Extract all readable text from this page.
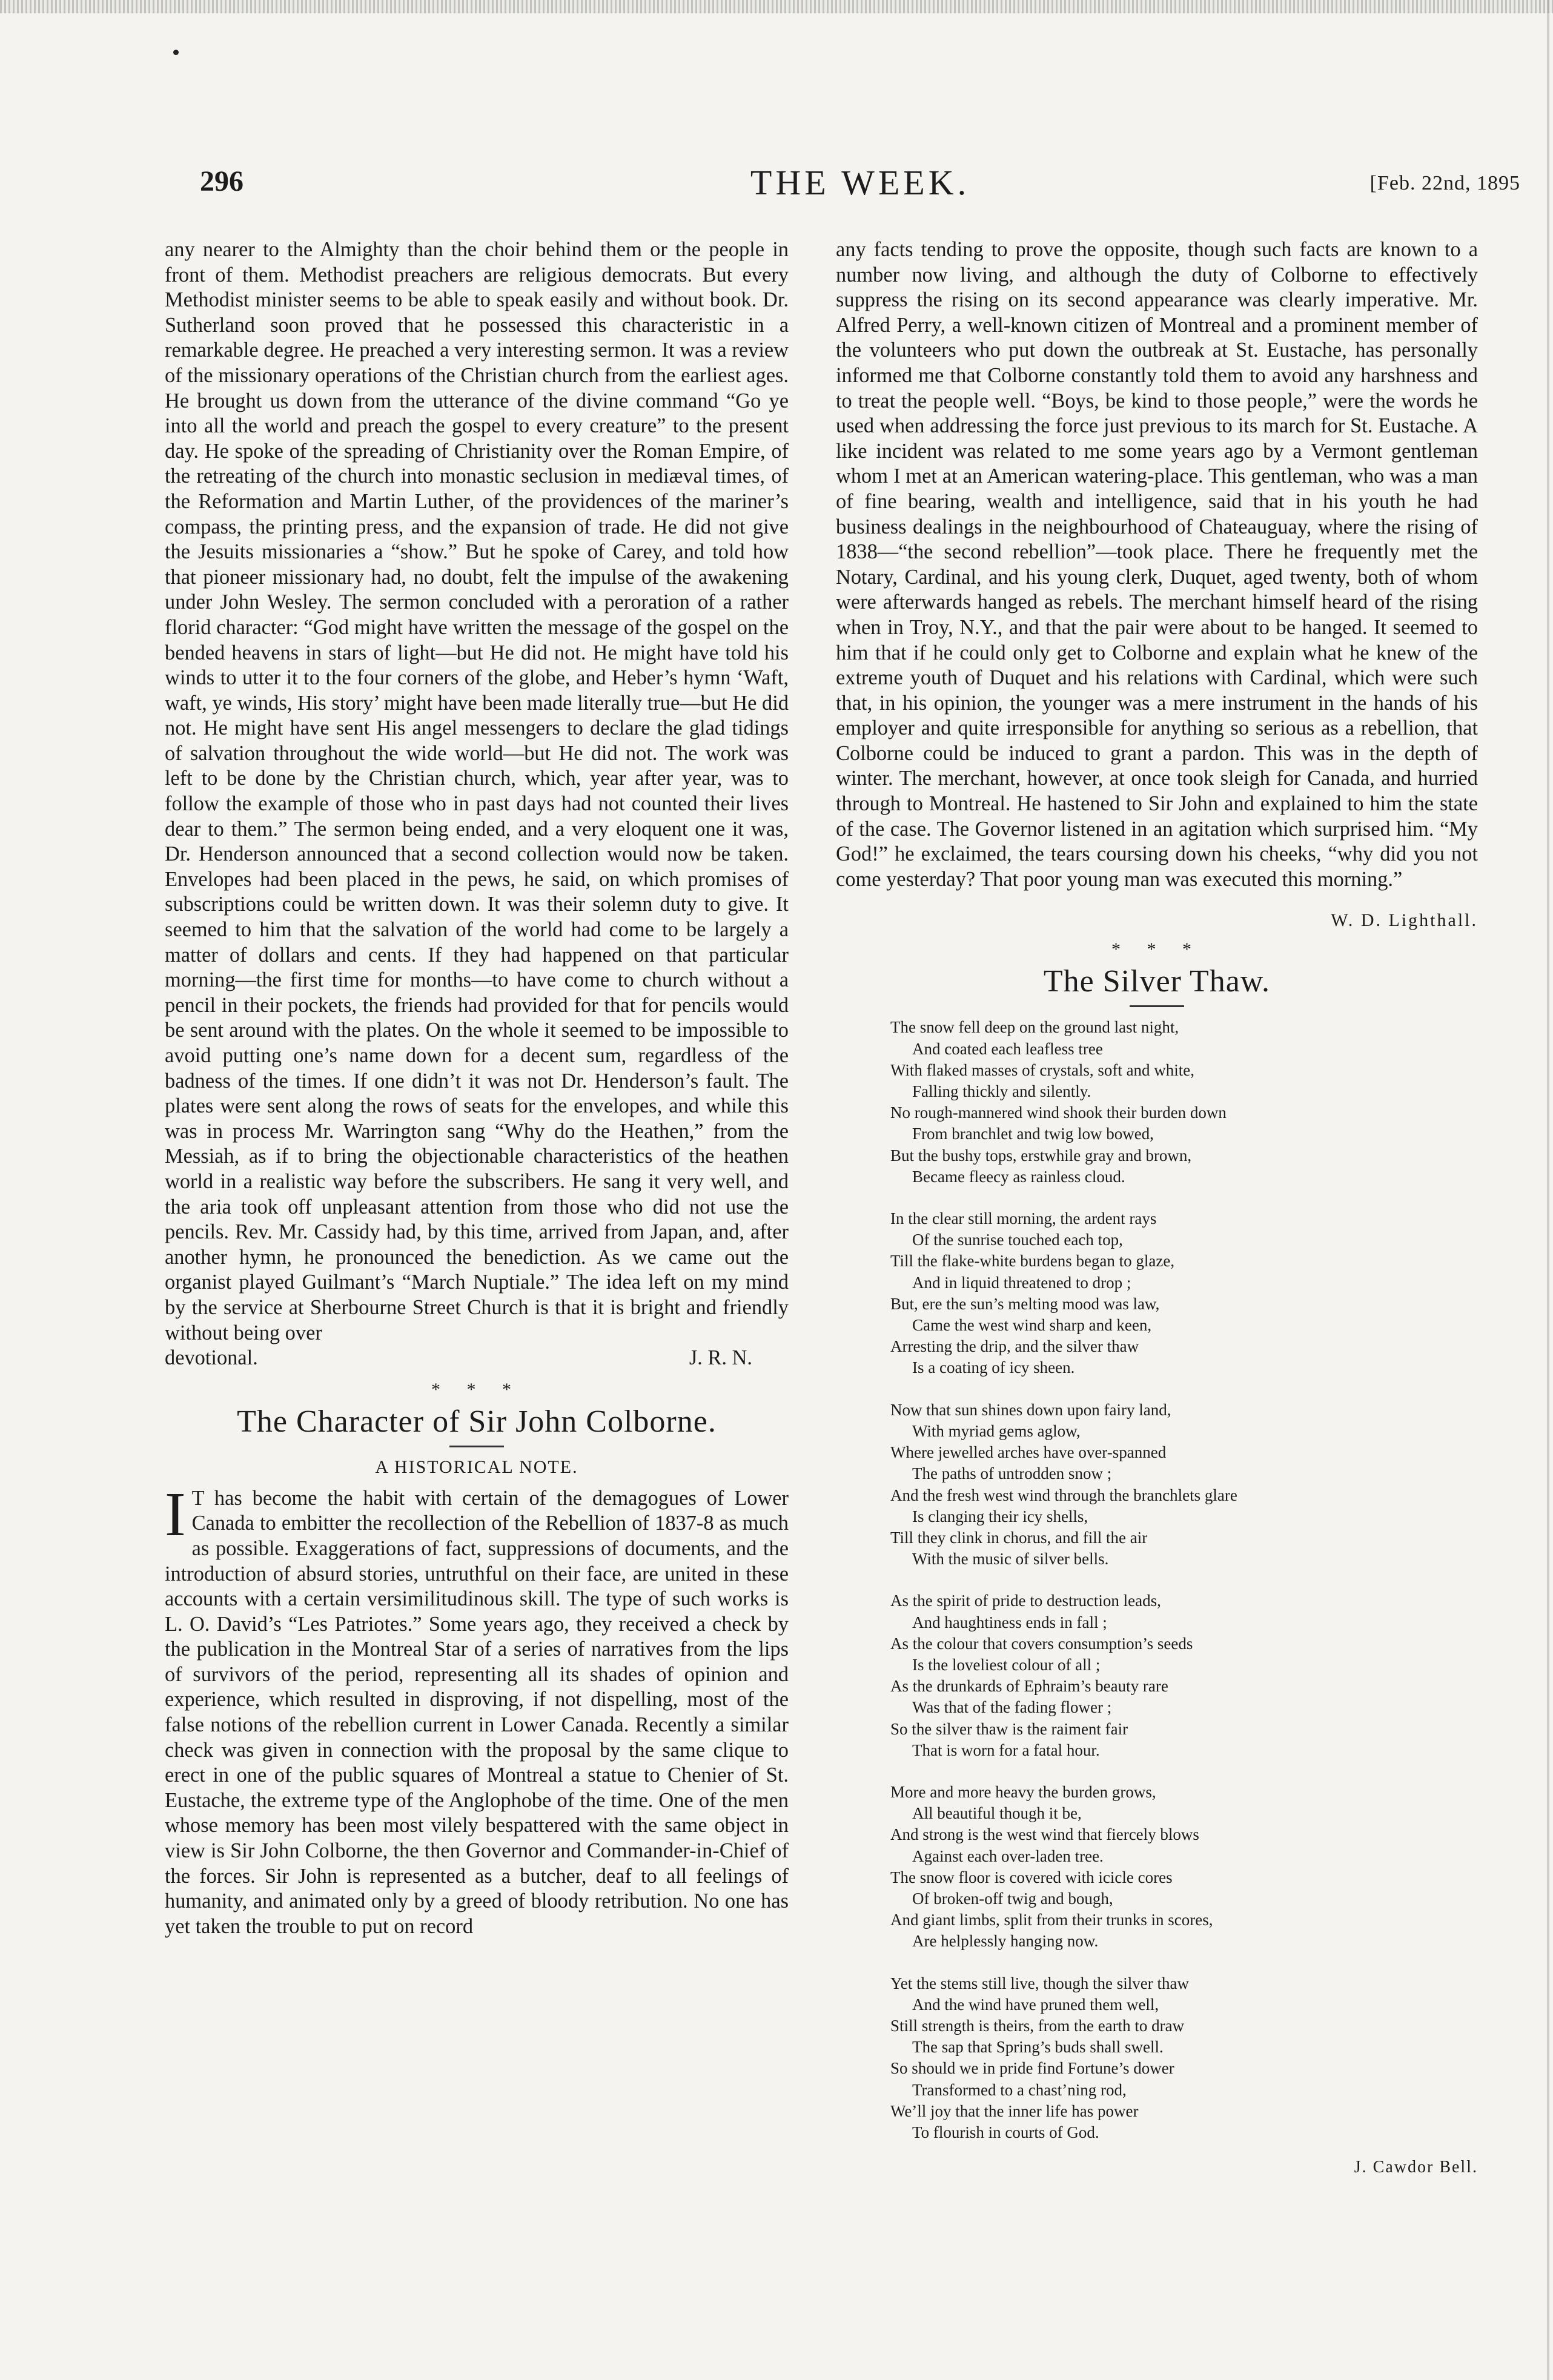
296	THE WEEK.	[Feb. 22nd, 1895

any nearer to the Almighty than the choir behind them or the people in front of them. Methodist preachers are religious democrats. But every Methodist minister seems to be able to speak easily and without book. Dr. Sutherland soon proved that he possessed this characteristic in a remarkable degree. He preached a very interesting sermon. It was a review of the missionary operations of the Christian church from the earliest ages. He brought us down from the utterance of the divine command “Go ye into all the world and preach the gospel to every creature” to the present day. He spoke of the spreading of Christianity over the Roman Empire, of the retreating of the church into monastic seclusion in mediæval times, of the Reformation and Martin Luther, of the providences of the mariner’s compass, the printing press, and the expansion of trade. He did not give the Jesuits missionaries a “show.” But he spoke of Carey, and told how that pioneer missionary had, no doubt, felt the impulse of the awakening under John Wesley. The sermon concluded with a peroration of a rather florid character: “God might have written the message of the gospel on the bended heavens in stars of light—but He did not. He might have told his winds to utter it to the four corners of the globe, and Heber’s hymn ‘Waft, waft, ye winds, His story’ might have been made literally true—but He did not. He might have sent His angel messengers to declare the glad tidings of salvation throughout the wide world—but He did not. The work was left to be done by the Christian church, which, year after year, was to follow the example of those who in past days had not counted their lives dear to them.” The sermon being ended, and a very eloquent one it was, Dr. Henderson announced that a second collection would now be taken. Envelopes had been placed in the pews, he said, on which promises of subscriptions could be written down. It was their solemn duty to give. It seemed to him that the salvation of the world had come to be largely a matter of dollars and cents. If they had happened on that particular morning—the first time for months—to have come to church without a pencil in their pockets, the friends had provided for that for pencils would be sent around with the plates. On the whole it seemed to be impossible to avoid putting one’s name down for a decent sum, regardless of the badness of the times. If one didn’t it was not Dr. Henderson’s fault. The plates were sent along the rows of seats for the envelopes, and while this was in process Mr. Warrington sang “Why do the Heathen,” from the Messiah, as if to bring the objectionable characteristics of the heathen world in a realistic way before the subscribers. He sang it very well, and the aria took off unpleasant attention from those who did not use the pencils. Rev. Mr. Cassidy had, by this time, arrived from Japan, and, after another hymn, he pronounced the benediction. As we came out the organist played Guilmant’s “March Nuptiale.” The idea left on my mind by the service at Sherbourne Street Church is that it is bright and friendly without being over

devotional.	J. R. N.
* * *
The Character of Sir John Colborne.
A HISTORICAL NOTE.

I T has become the habit with certain of the demagogues of Lower Canada to embitter the recollection of the Rebellion of 1837-8 as much as possible. Exaggerations of fact, suppressions of documents, and the introduction of absurd stories, untruthful on their face, are united in these accounts with a certain versimilitudinous skill. The type of such works is L. O. David’s “Les Patriotes.” Some years ago, they received a check by the publication in the Montreal Star of a series of narratives from the lips of survivors of the period, representing all its shades of opinion and experience, which resulted in disproving, if not dispelling, most of the false notions of the rebellion current in Lower Canada. Recently a similar check was given in connection with the proposal by the same clique to erect in one of the public squares of Montreal a statue to Chenier of St. Eustache, the extreme type of the Anglophobe of the time. One of the men whose memory has been most vilely bespattered with the same object in view is Sir John Colborne, the then Governor and Commander-in-Chief of the forces. Sir John is represented as a butcher, deaf to all feelings of humanity, and animated only by a greed of bloody retribution. No one has yet taken the trouble to put on record

any facts tending to prove the opposite, though such facts are known to a number now living, and although the duty of Colborne to effectively suppress the rising on its second appearance was clearly imperative. Mr. Alfred Perry, a well-known citizen of Montreal and a prominent member of the volunteers who put down the outbreak at St. Eustache, has personally informed me that Colborne constantly told them to avoid any harshness and to treat the people well. “Boys, be kind to those people,” were the words he used when addressing the force just previous to its march for St. Eustache. A like incident was related to me some years ago by a Vermont gentleman whom I met at an American watering-place. This gentleman, who was a man of fine bearing, wealth and intelligence, said that in his youth he had business dealings in the neighbourhood of Chateauguay, where the rising of 1838—“the second rebellion”—took place. There he frequently met the Notary, Cardinal, and his young clerk, Duquet, aged twenty, both of whom were afterwards hanged as rebels. The merchant himself heard of the rising when in Troy, N.Y., and that the pair were about to be hanged. It seemed to him that if he could only get to Colborne and explain what he knew of the extreme youth of Duquet and his relations with Cardinal, which were such that, in his opinion, the younger was a mere instrument in the hands of his employer and quite irresponsible for anything so serious as a rebellion, that Colborne could be induced to grant a pardon. This was in the depth of winter. The merchant, however, at once took sleigh for Canada, and hurried through to Montreal. He hastened to Sir John and explained to him the state of the case. The Governor listened in an agitation which surprised him. “My God!” he exclaimed, the tears coursing down his cheeks, “why did you not come yesterday? That poor young man was executed this morning.”

W. D. Lighthall.
* * *
The Silver Thaw.
The snow fell deep on the ground last night,
And coated each leafless tree
With flaked masses of crystals, soft and white,
Falling thickly and silently.
No rough-mannered wind shook their burden down
From branchlet and twig low bowed,
But the bushy tops, erstwhile gray and brown,
Became fleecy as rainless cloud.
In the clear still morning, the ardent rays
Of the sunrise touched each top,
Till the flake-white burdens began to glaze,
And in liquid threatened to drop ;
But, ere the sun’s melting mood was law,
Came the west wind sharp and keen,
Arresting the drip, and the silver thaw
Is a coating of icy sheen.
Now that sun shines down upon fairy land,
With myriad gems aglow,
Where jewelled arches have over-spanned
The paths of untrodden snow ;
And the fresh west wind through the branchlets glare
Is clanging their icy shells,
Till they clink in chorus, and fill the air
With the music of silver bells.
As the spirit of pride to destruction leads,
And haughtiness ends in fall ;
As the colour that covers consumption’s seeds
Is the loveliest colour of all ;
As the drunkards of Ephraim’s beauty rare
Was that of the fading flower ;
So the silver thaw is the raiment fair
That is worn for a fatal hour.
More and more heavy the burden grows,
All beautiful though it be,
And strong is the west wind that fiercely blows
Against each over-laden tree.
The snow floor is covered with icicle cores
Of broken-off twig and bough,
And giant limbs, split from their trunks in scores,
Are helplessly hanging now.
Yet the stems still live, though the silver thaw
And the wind have pruned them well,
Still strength is theirs, from the earth to draw
The sap that Spring’s buds shall swell.
So should we in pride find Fortune’s dower
Transformed to a chast’ning rod,
We’ll joy that the inner life has power
To flourish in courts of God.
J. Cawdor Bell.
